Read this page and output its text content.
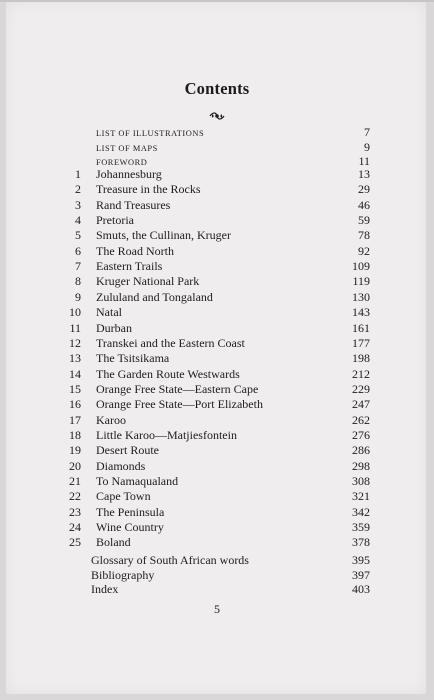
Contents
LIST OF ILLUSTRATIONS	7
LIST OF MAPS	9
FOREWORD	11
1 Johannesburg	13
2 Treasure in the Rocks	29
3 Rand Treasures	46
4 Pretoria	59
5 Smuts, the Cullinan, Kruger	78
6 The Road North	92
7 Eastern Trails	109
8 Kruger National Park	119
9 Zululand and Tongaland	130
10 Natal	143
11 Durban	161
12 Transkei and the Eastern Coast	177
13 The Tsitsikama	198
14 The Garden Route Westwards	212
15 Orange Free State—Eastern Cape	229
16 Orange Free State—Port Elizabeth	247
17 Karoo	262
18 Little Karoo—Matjiesfontein	276
19 Desert Route	286
20 Diamonds	298
21 To Namaqualand	308
22 Cape Town	321
23 The Peninsula	342
24 Wine Country	359
25 Boland	378
Glossary of South African words	395
Bibliography	397
Index	403
5
